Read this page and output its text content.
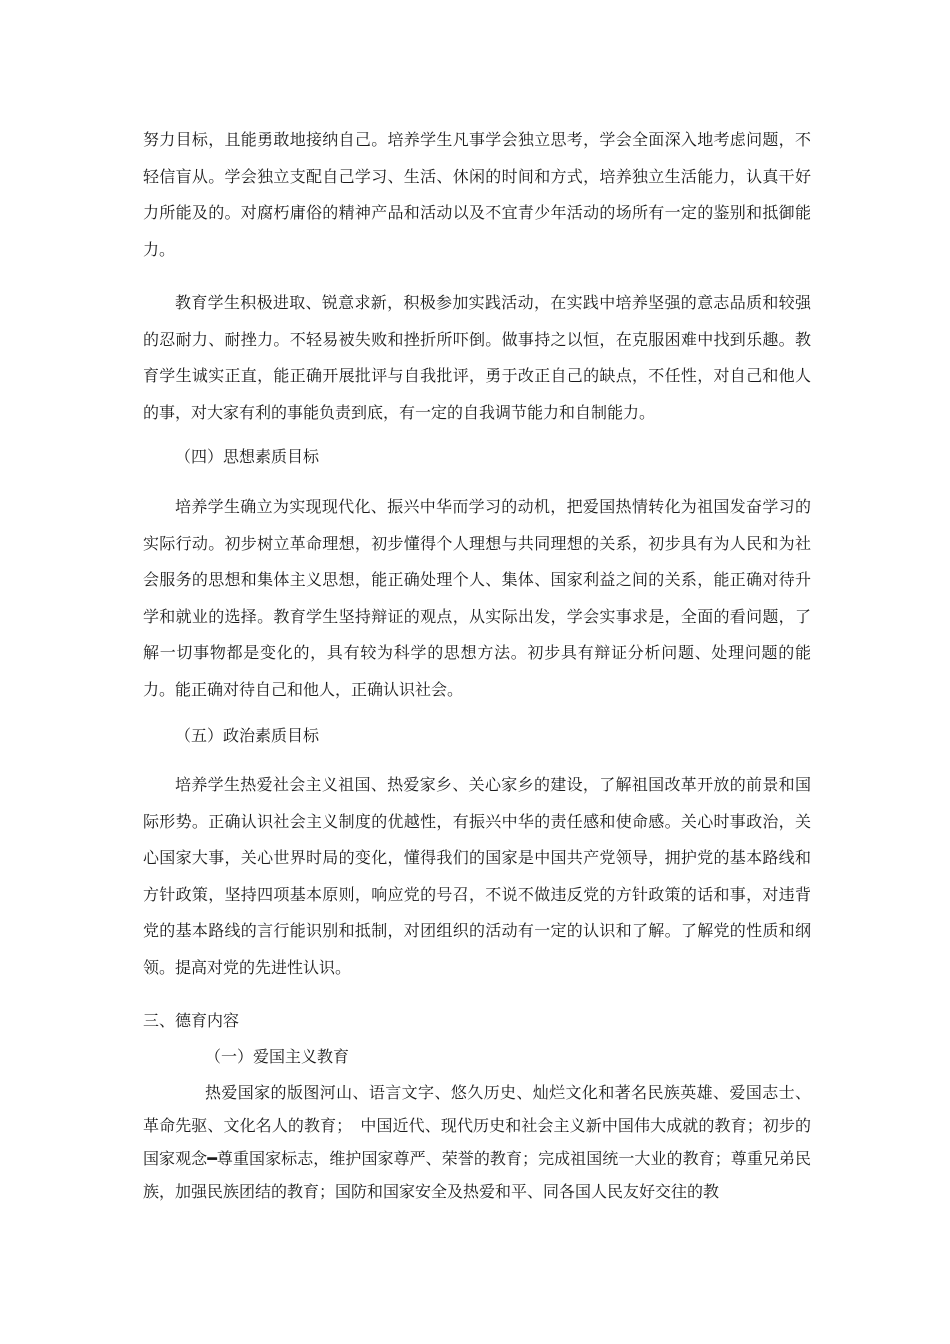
努力目标，且能勇敢地接纳自己。培养学生凡事学会独立思考，学会全面深入地考虑问题，不轻信盲从。学会独立支配自己学习、生活、休闲的时间和方式，培养独立生活能力，认真干好力所能及的。对腐朽庸俗的精神产品和活动以及不宜青少年活动的场所有一定的鉴别和抵御能力。
教育学生积极进取、锐意求新，积极参加实践活动，在实践中培养坚强的意志品质和较强的忍耐力、耐挫力。不轻易被失败和挫折所吓倒。做事持之以恒，在克服困难中找到乐趣。教育学生诚实正直，能正确开展批评与自我批评，勇于改正自己的缺点，不任性，对自己和他人的事，对大家有利的事能负责到底，有一定的自我调节能力和自制能力。
（四）思想素质目标
培养学生确立为实现现代化、振兴中华而学习的动机，把爱国热情转化为祖国发奋学习的实际行动。初步树立革命理想，初步懂得个人理想与共同理想的关系，初步具有为人民和为社会服务的思想和集体主义思想，能正确处理个人、集体、国家利益之间的关系，能正确对待升学和就业的选择。教育学生坚持辩证的观点，从实际出发，学会实事求是，全面的看问题，了解一切事物都是变化的，具有较为科学的思想方法。初步具有辩证分析问题、处理问题的能力。能正确对待自己和他人，正确认识社会。
（五）政治素质目标
培养学生热爱社会主义祖国、热爱家乡、关心家乡的建设，了解祖国改革开放的前景和国际形势。正确认识社会主义制度的优越性，有振兴中华的责任感和使命感。关心时事政治，关心国家大事，关心世界时局的变化，懂得我们的国家是中国共产党领导，拥护党的基本路线和方针政策，坚持四项基本原则，响应党的号召，不说不做违反党的方针政策的话和事，对违背党的基本路线的言行能识别和抵制，对团组织的活动有一定的认识和了解。了解党的性质和纲领。提高对党的先进性认识。
三、德育内容
（一）爱国主义教育
热爱国家的版图河山、语言文字、悠久历史、灿烂文化和著名民族英雄、爱国志士、革命先驱、文化名人的教育；　中国近代、现代历史和社会主义新中国伟大成就的教育；初步的国家观念━尊重国家标志，维护国家尊严、荣誉的教育；完成祖国统一大业的教育；尊重兄弟民族，加强民族团结的教育；国防和国家安全及热爱和平、同各国人民友好交往的教
